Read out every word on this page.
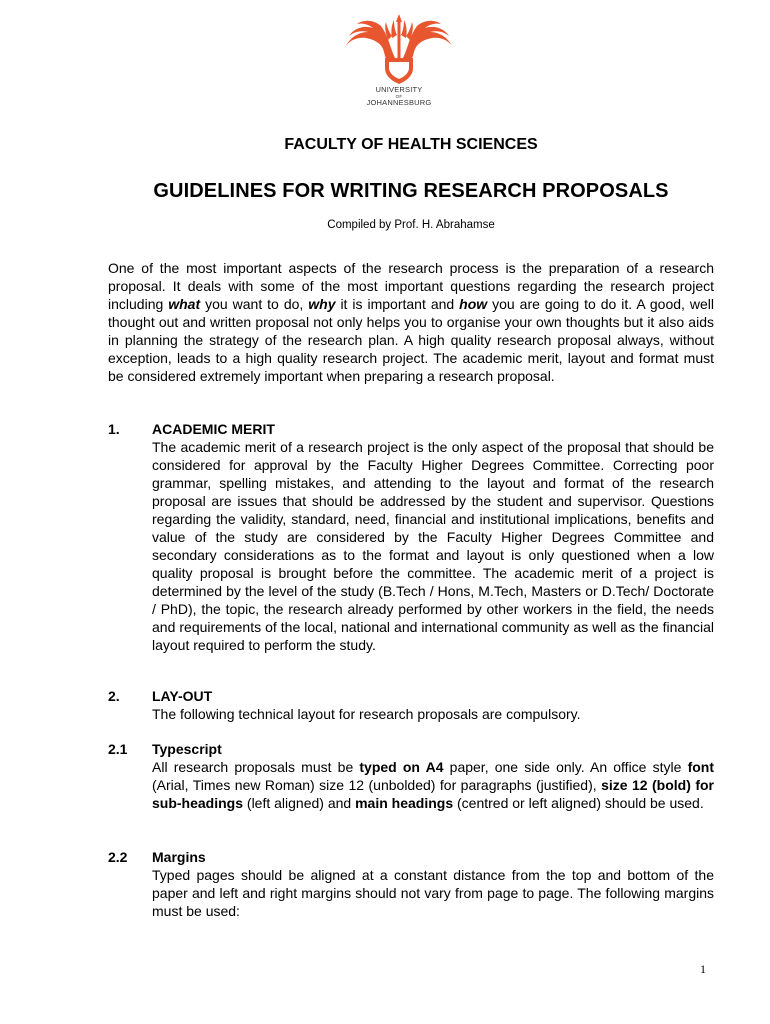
UNIVERSITY
OF
JOHANNESBURG
FACULTY OF HEALTH SCIENCES
GUIDELINES FOR WRITING RESEARCH PROPOSALS
Compiled by Prof. H. Abrahamse
One of the most important aspects of the research process is the preparation of a research proposal. It deals with some of the most important questions regarding the research project including what you want to do, why it is important and how you are going to do it. A good, well thought out and written proposal not only helps you to organise your own thoughts but it also aids in planning the strategy of the research plan. A high quality research proposal always, without exception, leads to a high quality research project. The academic merit, layout and format must be considered extremely important when preparing a research proposal.
1. ACADEMIC MERIT
The academic merit of a research project is the only aspect of the proposal that should be considered for approval by the Faculty Higher Degrees Committee. Correcting poor grammar, spelling mistakes, and attending to the layout and format of the research proposal are issues that should be addressed by the student and supervisor. Questions regarding the validity, standard, need, financial and institutional implications, benefits and value of the study are considered by the Faculty Higher Degrees Committee and secondary considerations as to the format and layout is only questioned when a low quality proposal is brought before the committee. The academic merit of a project is determined by the level of the study (B.Tech / Hons, M.Tech, Masters or D.Tech/ Doctorate / PhD), the topic, the research already performed by other workers in the field, the needs and requirements of the local, national and international community as well as the financial layout required to perform the study.
2. LAY-OUT
The following technical layout for research proposals are compulsory.
2.1 Typescript
All research proposals must be typed on A4 paper, one side only. An office style font (Arial, Times new Roman) size 12 (unbolded) for paragraphs (justified), size 12 (bold) for sub-headings (left aligned) and main headings (centred or left aligned) should be used.
2.2 Margins
Typed pages should be aligned at a constant distance from the top and bottom of the paper and left and right margins should not vary from page to page. The following margins must be used:
1
